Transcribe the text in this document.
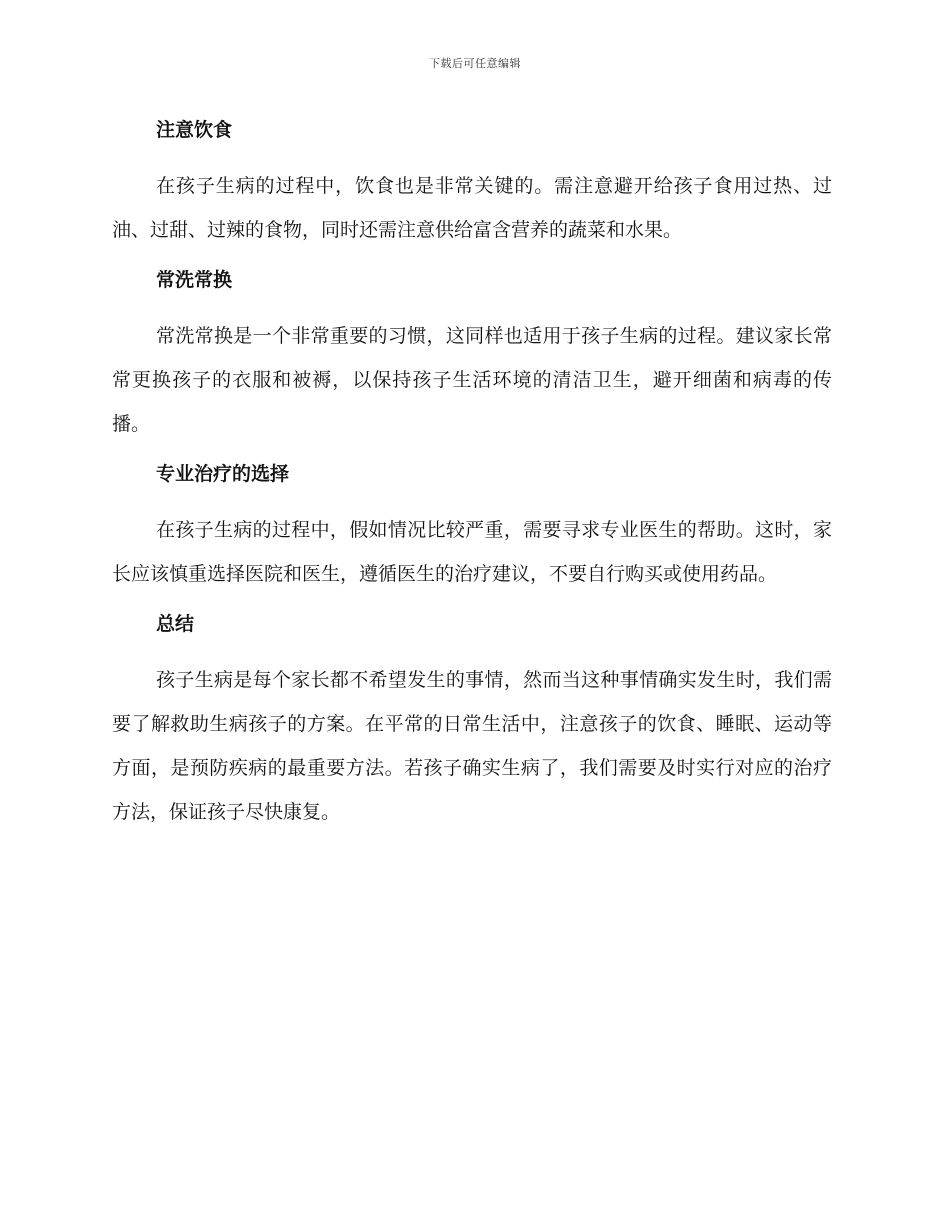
下载后可任意编辑
注意饮食

在孩子生病的过程中，饮食也是非常关键的。需注意避开给孩子食用过热、过油、过甜、过辣的食物，同时还需注意供给富含营养的蔬菜和水果。

常洗常换

常洗常换是一个非常重要的习惯，这同样也适用于孩子生病的过程。建议家长常常更换孩子的衣服和被褥，以保持孩子生活环境的清洁卫生，避开细菌和病毒的传播。

专业治疗的选择

在孩子生病的过程中，假如情况比较严重，需要寻求专业医生的帮助。这时，家长应该慎重选择医院和医生，遵循医生的治疗建议，不要自行购买或使用药品。

总结

孩子生病是每个家长都不希望发生的事情，然而当这种事情确实发生时，我们需要了解救助生病孩子的方案。在平常的日常生活中，注意孩子的饮食、睡眠、运动等方面，是预防疾病的最重要方法。若孩子确实生病了，我们需要及时实行对应的治疗方法，保证孩子尽快康复。
